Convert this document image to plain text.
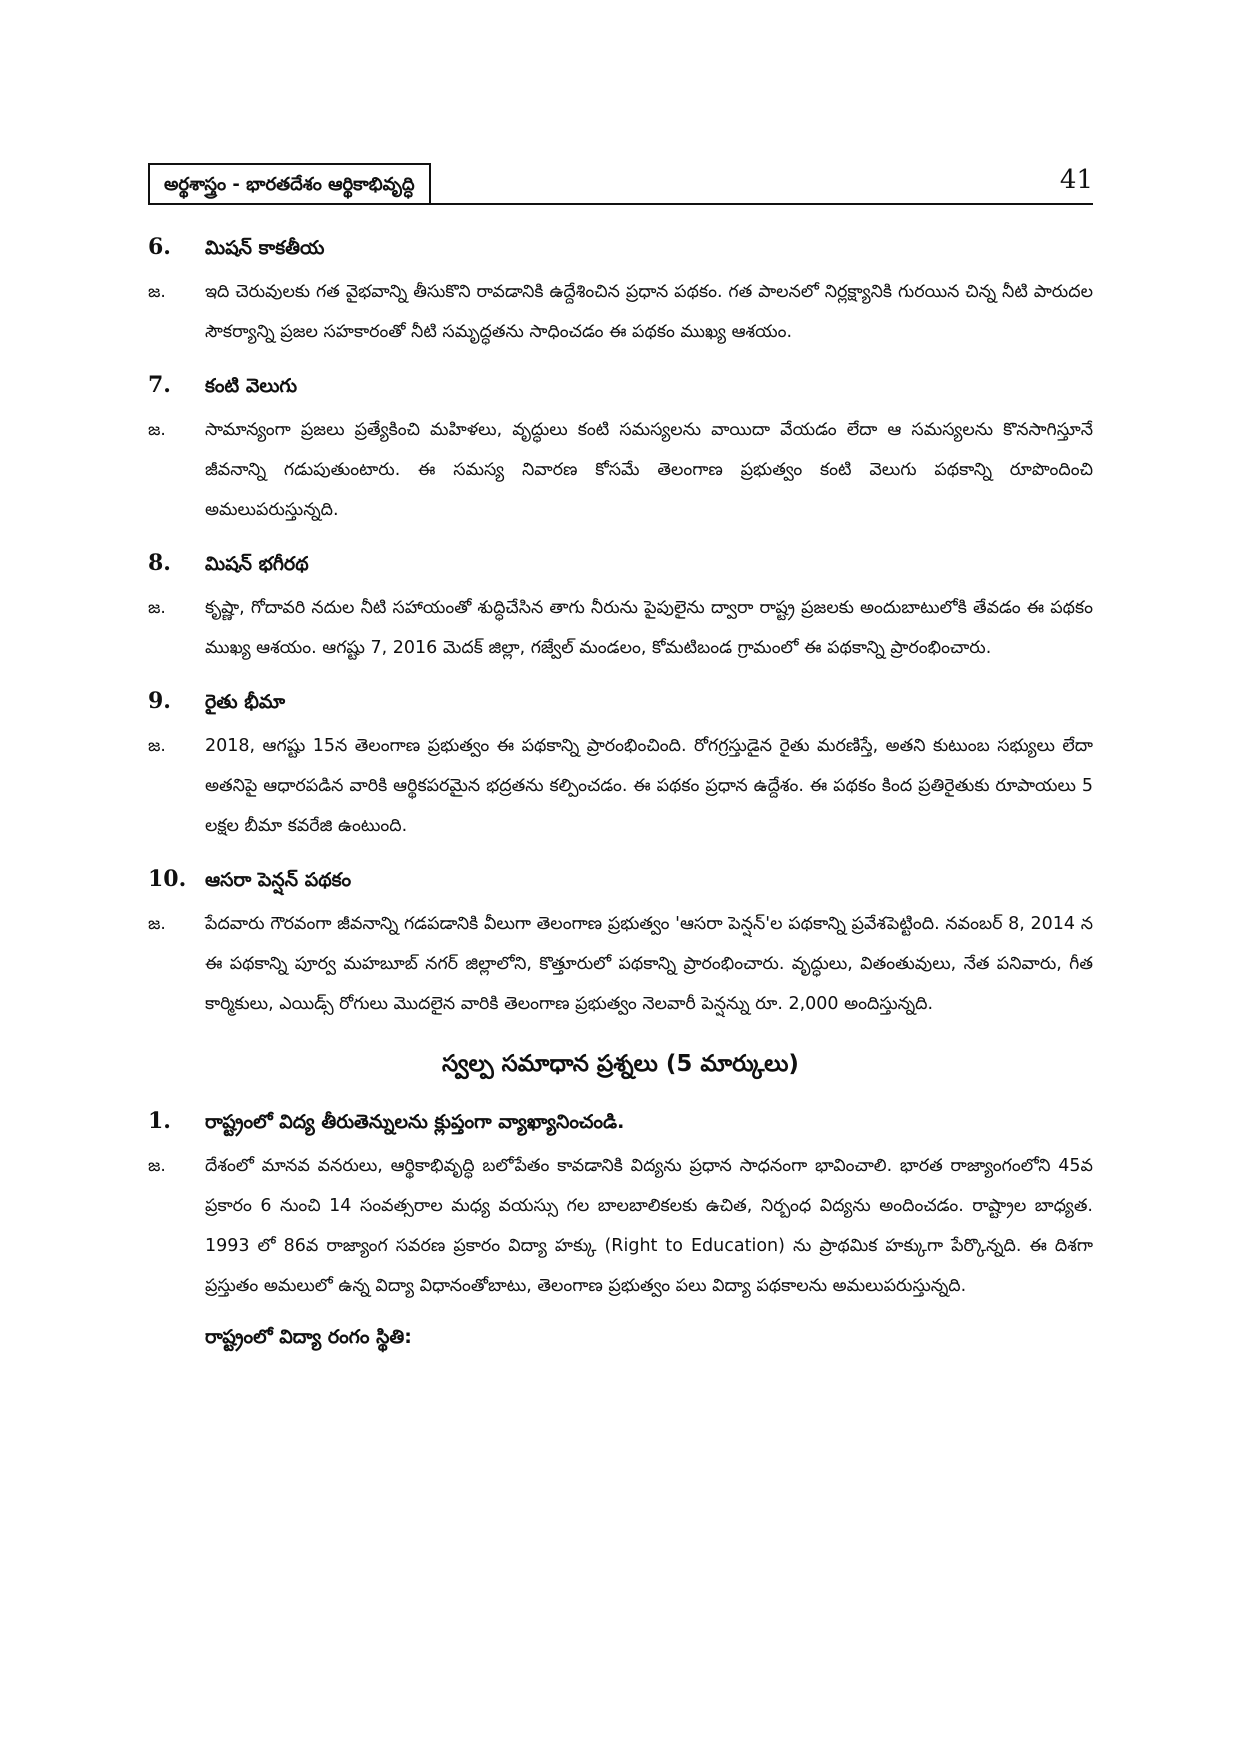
అర్థశాస్త్రం - భారతదేశం ఆర్థికాభివృద్ధి	41
6.	మిషన్ కాకతీయ
జ.	ఇది చెరువులకు గత వైభవాన్ని తీసుకొని రావడానికి ఉద్దేశించిన ప్రధాన పథకం. గత పాలనలో నిర్లక్ష్యానికి గురయిన చిన్న నీటి పారుదల సౌకర్యాన్ని ప్రజల సహకారంతో నీటి సమృద్ధతను సాధించడం ఈ పథకం ముఖ్య ఆశయం.
7.	కంటి వెలుగు
జ.	సామాన్యంగా ప్రజలు ప్రత్యేకించి మహిళలు, వృద్ధులు కంటి సమస్యలను వాయిదా వేయడం లేదా ఆ సమస్యలను కొనసాగిస్తూనే జీవనాన్ని గడుపుతుంటారు. ఈ సమస్య నివారణ కోసమే తెలంగాణ ప్రభుత్వం కంటి వెలుగు పథకాన్ని రూపొందించి అమలుపరుస్తున్నది.
8.	మిషన్ భగీరథ
జ.	కృష్ణా, గోదావరి నదుల నీటి సహాయంతో శుద్ధిచేసిన తాగు నీరును పైపులైను ద్వారా రాష్ట్ర ప్రజలకు అందుబాటులోకి తేవడం ఈ పథకం ముఖ్య ఆశయం. ఆగష్టు 7, 2016 మెదక్ జిల్లా, గజ్వేల్ మండలం, కోమటిబండ గ్రామంలో ఈ పథకాన్ని ప్రారంభించారు.
9.	రైతు భీమా
జ.	2018, ఆగష్టు 15న తెలంగాణ ప్రభుత్వం ఈ పథకాన్ని ప్రారంభించింది. రోగగ్రస్తుడైన రైతు మరణిస్తే, అతని కుటుంబ సభ్యులు లేదా అతనిపై ఆధారపడిన వారికి ఆర్థికపరమైన భద్రతను కల్పించడం. ఈ పథకం ప్రధాన ఉద్దేశం. ఈ పథకం కింద ప్రతిరైతుకు రూపాయలు 5 లక్షల బీమా కవరేజి ఉంటుంది.
10. ఆసరా పెన్షన్ పథకం
జ.	పేదవారు గౌరవంగా జీవనాన్ని గడపడానికి వీలుగా తెలంగాణ ప్రభుత్వం 'ఆసరా పెన్షన్'ల పథకాన్ని ప్రవేశపెట్టింది. నవంబర్ 8, 2014 న ఈ పథకాన్ని పూర్వ మహబూబ్ నగర్ జిల్లాలోని, కొత్తూరులో పథకాన్ని ప్రారంభించారు. వృద్ధులు, వితంతువులు, నేత పనివారు, గీత కార్మికులు, ఎయిడ్స్ రోగులు మొదలైన వారికి తెలంగాణ ప్రభుత్వం నెలవారీ పెన్షన్ను రూ. 2,000 అందిస్తున్నది.
స్వల్ప సమాధాన ప్రశ్నలు (5 మార్కులు)
1.	రాష్ట్రంలో విద్య తీరుతెన్నులను క్లుప్తంగా వ్యాఖ్యానించండి.
జ.	దేశంలో మానవ వనరులు, ఆర్థికాభివృద్ధి బలోపేతం కావడానికి విద్యను ప్రధాన సాధనంగా భావించాలి. భారత రాజ్యాంగంలోని 45వ ప్రకారం 6 నుంచి 14 సంవత్సరాల మధ్య వయస్సు గల బాలబాలికలకు ఉచిత, నిర్బంధ విద్యను అందించడం. రాష్ట్రాల బాధ్యత. 1993 లో 86వ రాజ్యాంగ సవరణ ప్రకారం విద్యా హక్కు (Right to Education) ను ప్రాథమిక హక్కుగా పేర్కొన్నది. ఈ దిశగా ప్రస్తుతం అమలులో ఉన్న విద్యా విధానంతోబాటు, తెలంగాణ ప్రభుత్వం పలు విద్యా పథకాలను అమలుపరుస్తున్నది.
రాష్ట్రంలో విద్యా రంగం స్థితి:
